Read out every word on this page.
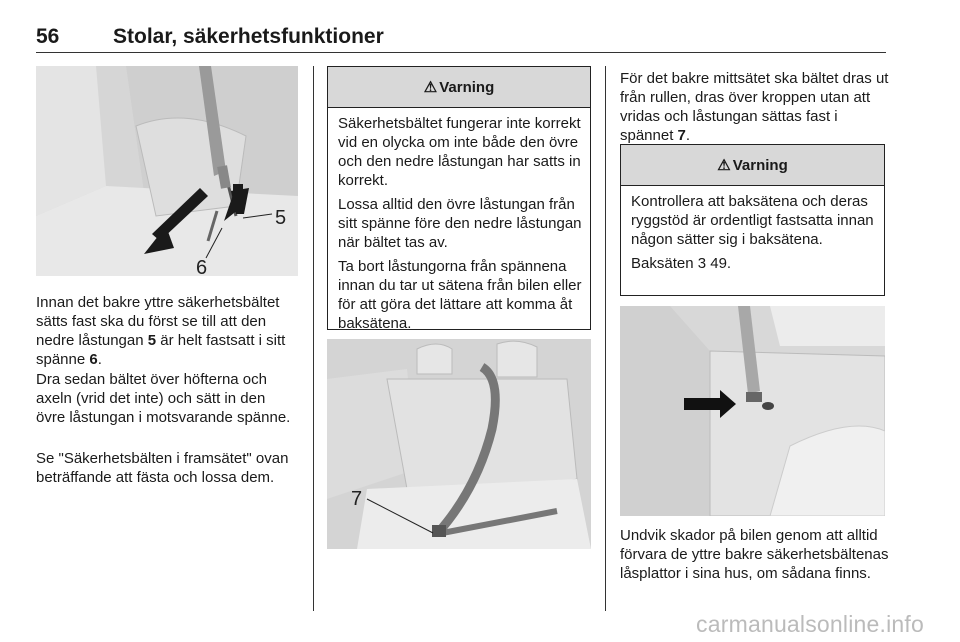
56	Stolar, säkerhetsfunktioner
5
6

Innan det bakre yttre säkerhetsbältet sätts fast ska du först se till att den nedre låstungan 5 är helt fastsatt i sitt spänne 6.

Dra sedan bältet över höfterna och axeln (vrid det inte) och sätt in den övre låstungan i motsvarande spänne.

Se "Säkerhetsbälten i framsätet" ovan beträffande att fästa och lossa dem.

⚠ Varning

Säkerhetsbältet fungerar inte korrekt vid en olycka om inte både den övre och den nedre låstungan har satts in korrekt.

Lossa alltid den övre låstungan från sitt spänne före den nedre låstungan när bältet tas av.

Ta bort låstungorna från spännena innan du tar ut sätena från bilen eller för att göra det lättare att komma åt baksätena.

7

För det bakre mittsätet ska bältet dras ut från rullen, dras över kroppen utan att vridas och låstungan sättas fast i spännet 7.

⚠ Varning

Kontrollera att baksätena och deras ryggstöd är ordentligt fastsatta innan någon sätter sig i baksätena.

Baksäten 3 49.

Undvik skador på bilen genom att alltid förvara de yttre bakre säkerhetsbältenas låsplattor i sina hus, om sådana finns.

carmanualsonline.info
